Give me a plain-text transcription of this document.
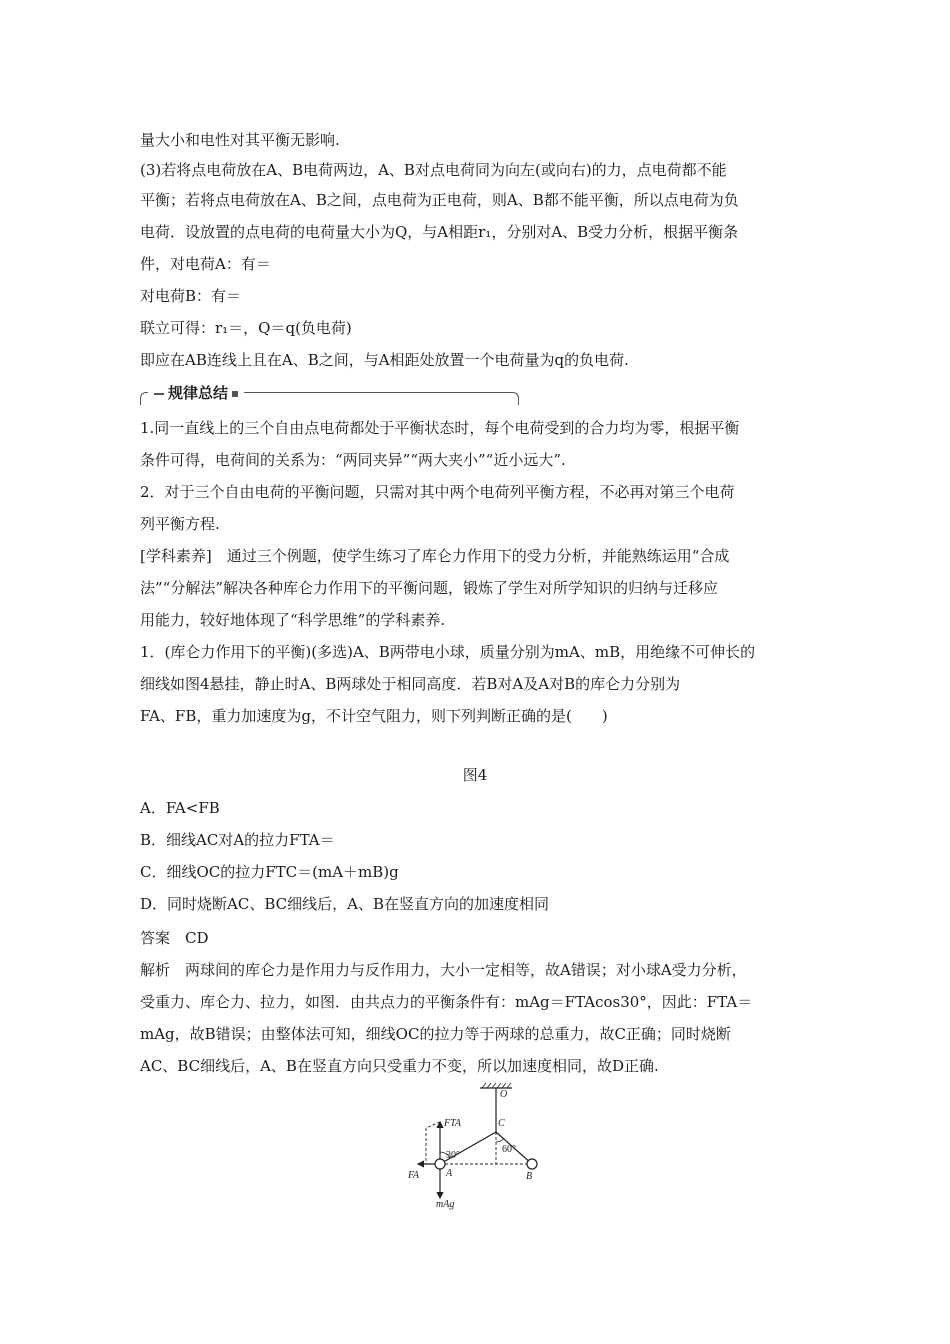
量大小和电性对其平衡无影响.
(3)若将点电荷放在A、B电荷两边，A、B对点电荷同为向左(或向右)的力，点电荷都不能
平衡；若将点电荷放在A、B之间，点电荷为正电荷，则A、B都不能平衡，所以点电荷为负
电荷．设放置的点电荷的电荷量大小为Q，与A相距r₁，分别对A、B受力分析，根据平衡条
件，对电荷A：有＝
对电荷B：有＝
联立可得：r₁＝，Q＝q(负电荷)
即应在AB连线上且在A、B之间，与A相距处放置一个电荷量为q的负电荷.
规律总结
1.同一直线上的三个自由点电荷都处于平衡状态时，每个电荷受到的合力均为零，根据平衡
条件可得，电荷间的关系为：“两同夹异”“两大夹小”“近小远大”.
2．对于三个自由电荷的平衡问题，只需对其中两个电荷列平衡方程，不必再对第三个电荷
列平衡方程.
[学科素养]　通过三个例题，使学生练习了库仑力作用下的受力分析，并能熟练运用“合成
法”“分解法”解决各种库仑力作用下的平衡问题，锻炼了学生对所学知识的归纳与迁移应
用能力，较好地体现了“科学思维”的学科素养.
1．(库仑力作用下的平衡)(多选)A、B两带电小球，质量分别为mA、mB，用绝缘不可伸长的
细线如图4悬挂，静止时A、B两球处于相同高度．若B对A及A对B的库仑力分别为
FA、FB，重力加速度为g，不计空气阻力，则下列判断正确的是(　　)
图4
A．FA<FB
B．细线AC对A的拉力FTA＝
C．细线OC的拉力FTC＝(mA＋mB)g
D．同时烧断AC、BC细线后，A、B在竖直方向的加速度相同
答案　CD
解析　两球间的库仑力是作用力与反作用力，大小一定相等，故A错误；对小球A受力分析，
受重力、库仑力、拉力，如图．由共点力的平衡条件有：mAg＝FTAcos30°，因此：FTA＝
mAg，故B错误；由整体法可知，细线OC的拉力等于两球的总重力，故C正确；同时烧断
AC、BC细线后，A、B在竖直方向只受重力不变，所以加速度相同，故D正确.
O
C
FTA
60°
30°
A	B
FA
mAg
